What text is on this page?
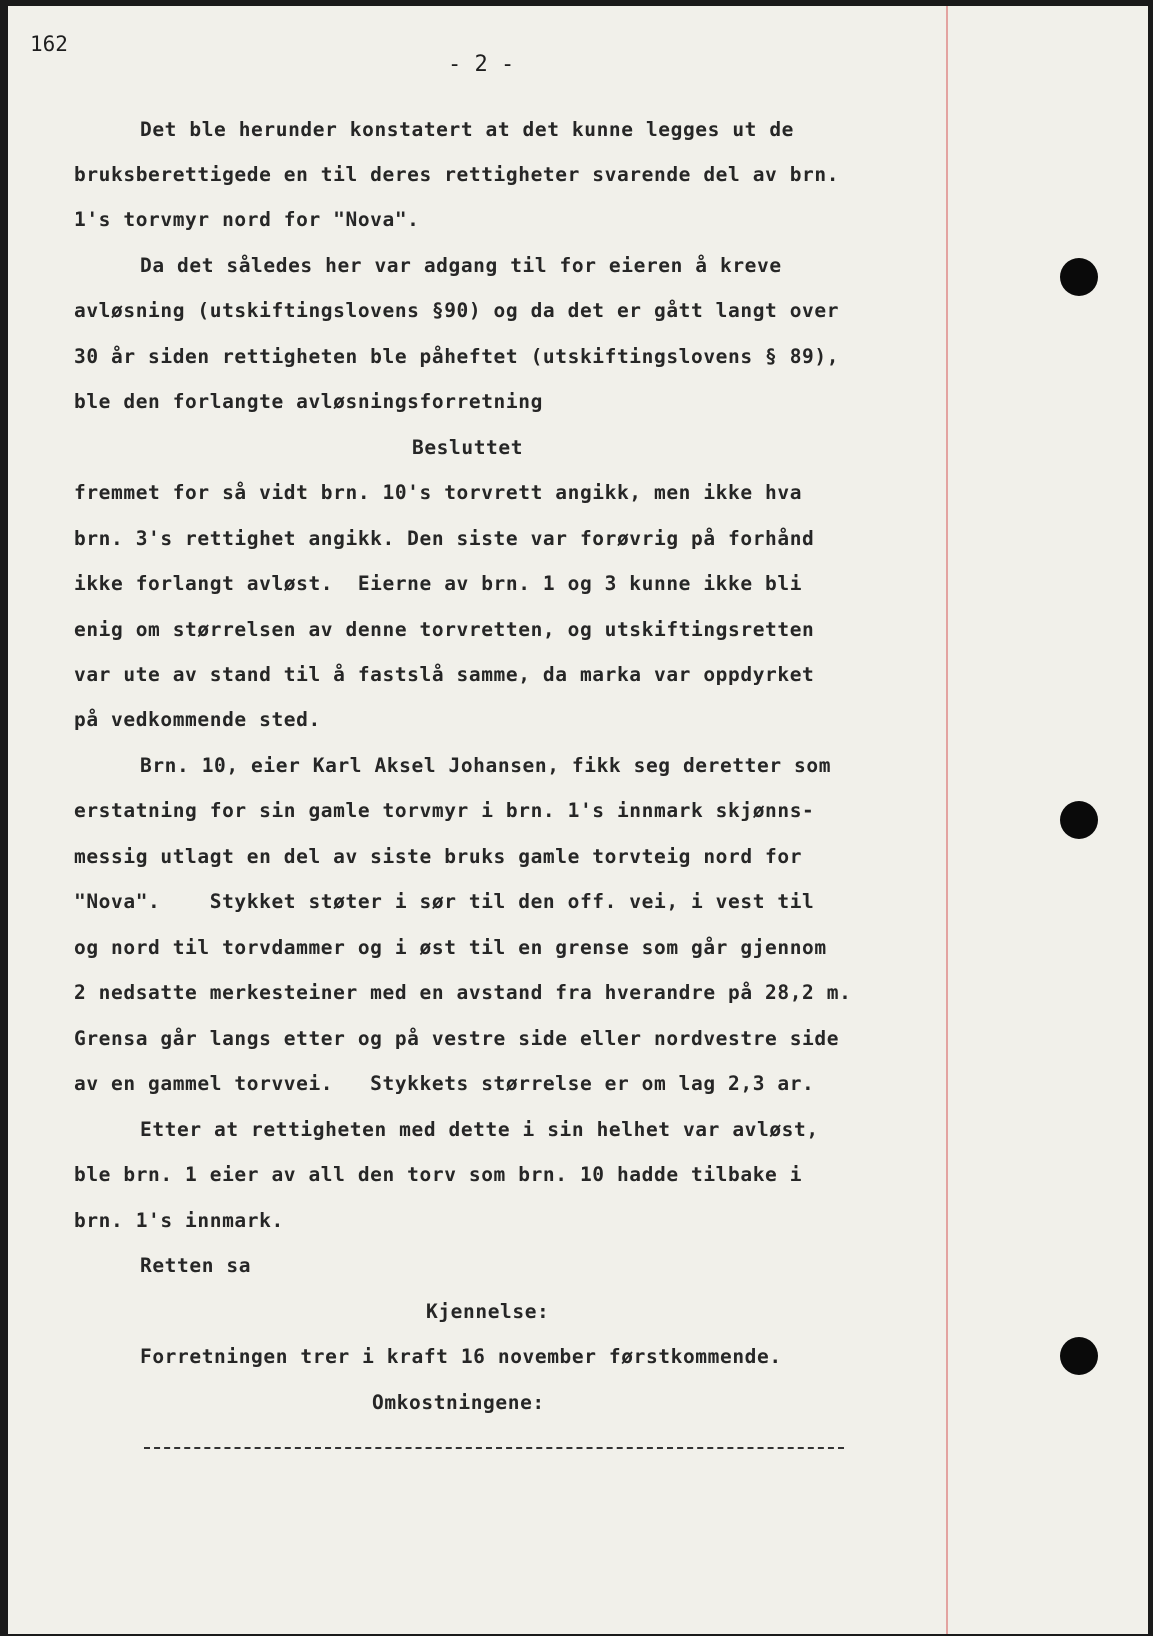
162
- 2 -
Det ble herunder konstatert at det kunne legges ut de
bruksberettigede en til deres rettigheter svarende del av brn.
1's torvmyr nord for "Nova".
Da det således her var adgang til for eieren å kreve
avløsning (utskiftingslovens §90) og da det er gått langt over
30 år siden rettigheten ble påheftet (utskiftingslovens § 89),
ble den forlangte avløsningsforretning
Besluttet
fremmet for så vidt brn. 10's torvrett angikk, men ikke hva
brn. 3's rettighet angikk. Den siste var forøvrig på forhånd
ikke forlangt avløst.  Eierne av brn. 1 og 3 kunne ikke bli
enig om størrelsen av denne torvretten, og utskiftingsretten
var ute av stand til å fastslå samme, da marka var oppdyrket
på vedkommende sted.
Brn. 10, eier Karl Aksel Johansen, fikk seg deretter som
erstatning for sin gamle torvmyr i brn. 1's innmark skjønns-
messig utlagt en del av siste bruks gamle torvteig nord for
"Nova".    Stykket støter i sør til den off. vei, i vest til
og nord til torvdammer og i øst til en grense som går gjennom
2 nedsatte merkesteiner med en avstand fra hverandre på 28,2 m.
Grensa går langs etter og på vestre side eller nordvestre side
av en gammel torvvei.   Stykkets størrelse er om lag 2,3 ar.
Etter at rettigheten med dette i sin helhet var avløst,
ble brn. 1 eier av all den torv som brn. 10 hadde tilbake i
brn. 1's innmark.
Retten sa
Kjennelse:
Forretningen trer i kraft 16 november førstkommende.
Omkostningene:
